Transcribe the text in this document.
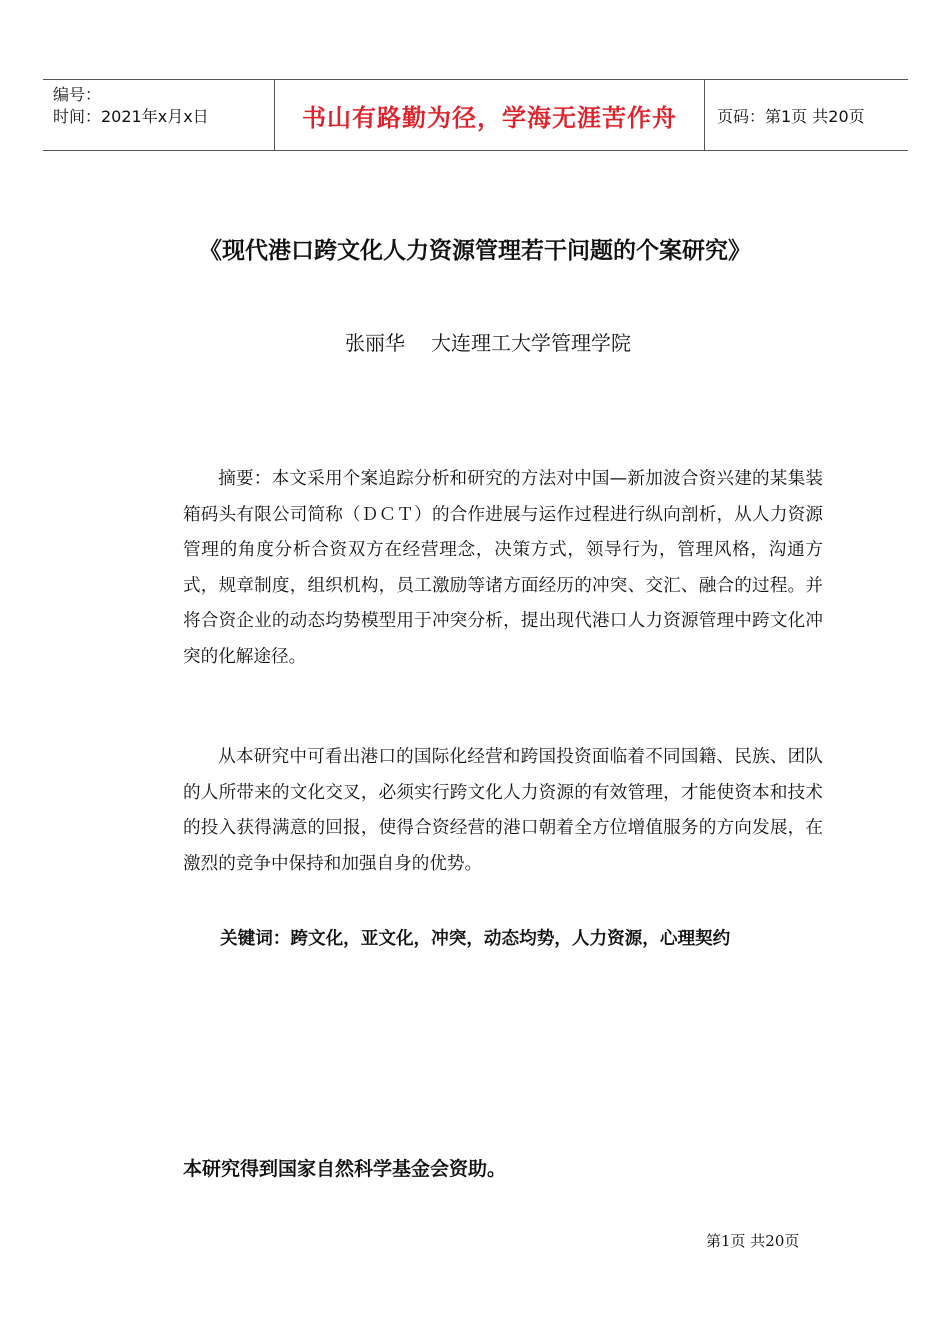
编号：
时间：2021年x月x日	书山有路勤为径，学海无涯苦作舟	页码：第1页 共20页
《现代港口跨文化人力资源管理若干问题的个案研究》
张丽华 大连理工大学管理学院

摘要：本文采用个案追踪分析和研究的方法对中国—新加波合资兴建的某集装箱码头有限公司简称（ＤＣＴ）的合作进展与运作过程进行纵向剖析，从人力资源管理的角度分析合资双方在经营理念，决策方式，领导行为，管理风格，沟通方式，规章制度，组织机构，员工激励等诸方面经历的冲突、交汇、融合的过程。并将合资企业的动态均势模型用于冲突分析，提出现代港口人力资源管理中跨文化冲突的化解途径。

从本研究中可看出港口的国际化经营和跨国投资面临着不同国籍、民族、团队的人所带来的文化交叉，必须实行跨文化人力资源的有效管理，才能使资本和技术的投入获得满意的回报，使得合资经营的港口朝着全方位增值服务的方向发展，在激烈的竞争中保持和加强自身的优势。

关键词：跨文化，亚文化，冲突，动态均势，人力资源，心理契约
本研究得到国家自然科学基金会资助。
第1页 共20页
